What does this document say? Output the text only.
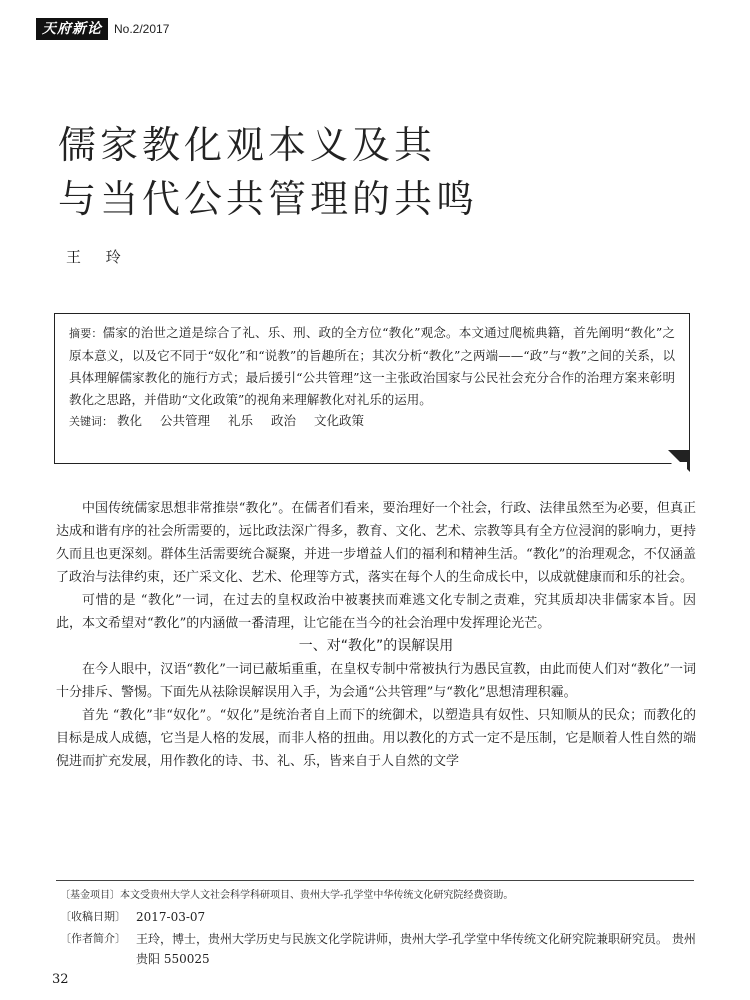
天府新论	No.2/2017
儒家教化观本义及其
与当代公共管理的共鸣
王 玲

摘要：儒家的治世之道是综合了礼、乐、刑、政的全方位“教化”观念。本文通过爬梳典籍，首先阐明“教化”之原本意义，以及它不同于“奴化”和“说教”的旨趣所在；其次分析“教化”之两端——“政”与“教”之间的关系，以具体理解儒家教化的施行方式；最后援引“公共管理”这一主张政治国家与公民社会充分合作的治理方案来彰明教化之思路，并借助“文化政策”的视角来理解教化对礼乐的运用。

关键词： 教化 公共管理 礼乐 政治 文化政策

中国传统儒家思想非常推崇“教化”。在儒者们看来，要治理好一个社会，行政、法律虽然至为必要，但真正达成和谐有序的社会所需要的，远比政法深广得多，教育、文化、艺术、宗教等具有全方位浸润的影响力，更持久而且也更深刻。群体生活需要统合凝聚，并进一步增益人们的福利和精神生活。“教化”的治理观念，不仅涵盖了政治与法律约束，还广采文化、艺术、伦理等方式，落实在每个人的生命成长中，以成就健康而和乐的社会。

可惜的是 “教化”一词，在过去的皇权政治中被裹挟而难逃文化专制之责难，究其质却决非儒家本旨。因此，本文希望对“教化”的内涵做一番清理，让它能在当今的社会治理中发挥理论光芒。

一、对“教化”的误解误用

在今人眼中，汉语“教化”一词已蔽垢重重，在皇权专制中常被执行为愚民宣教，由此而使人们对“教化”一词十分排斥、警惕。下面先从祛除误解误用入手，为会通“公共管理”与“教化”思想清理积霾。

首先 “教化”非“奴化”。“奴化”是统治者自上而下的统御术，以塑造具有奴性、只知顺从的民众；而教化的目标是成人成德，它当是人格的发展，而非人格的扭曲。用以教化的方式一定不是压制，它是顺着人性自然的端倪进而扩充发展，用作教化的诗、书、礼、乐，皆来自于人自然的文学

〔基金项目〕本文受贵州大学人文社会科学科研项目、贵州大学-孔学堂中华传统文化研究院经费资助。
〔收稿日期〕 2017-03-07
〔作者简介〕 王玲，博士，贵州大学历史与民族文化学院讲师，贵州大学-孔学堂中华传统文化研究院兼职研究员。 贵州贵阳 550025
32
